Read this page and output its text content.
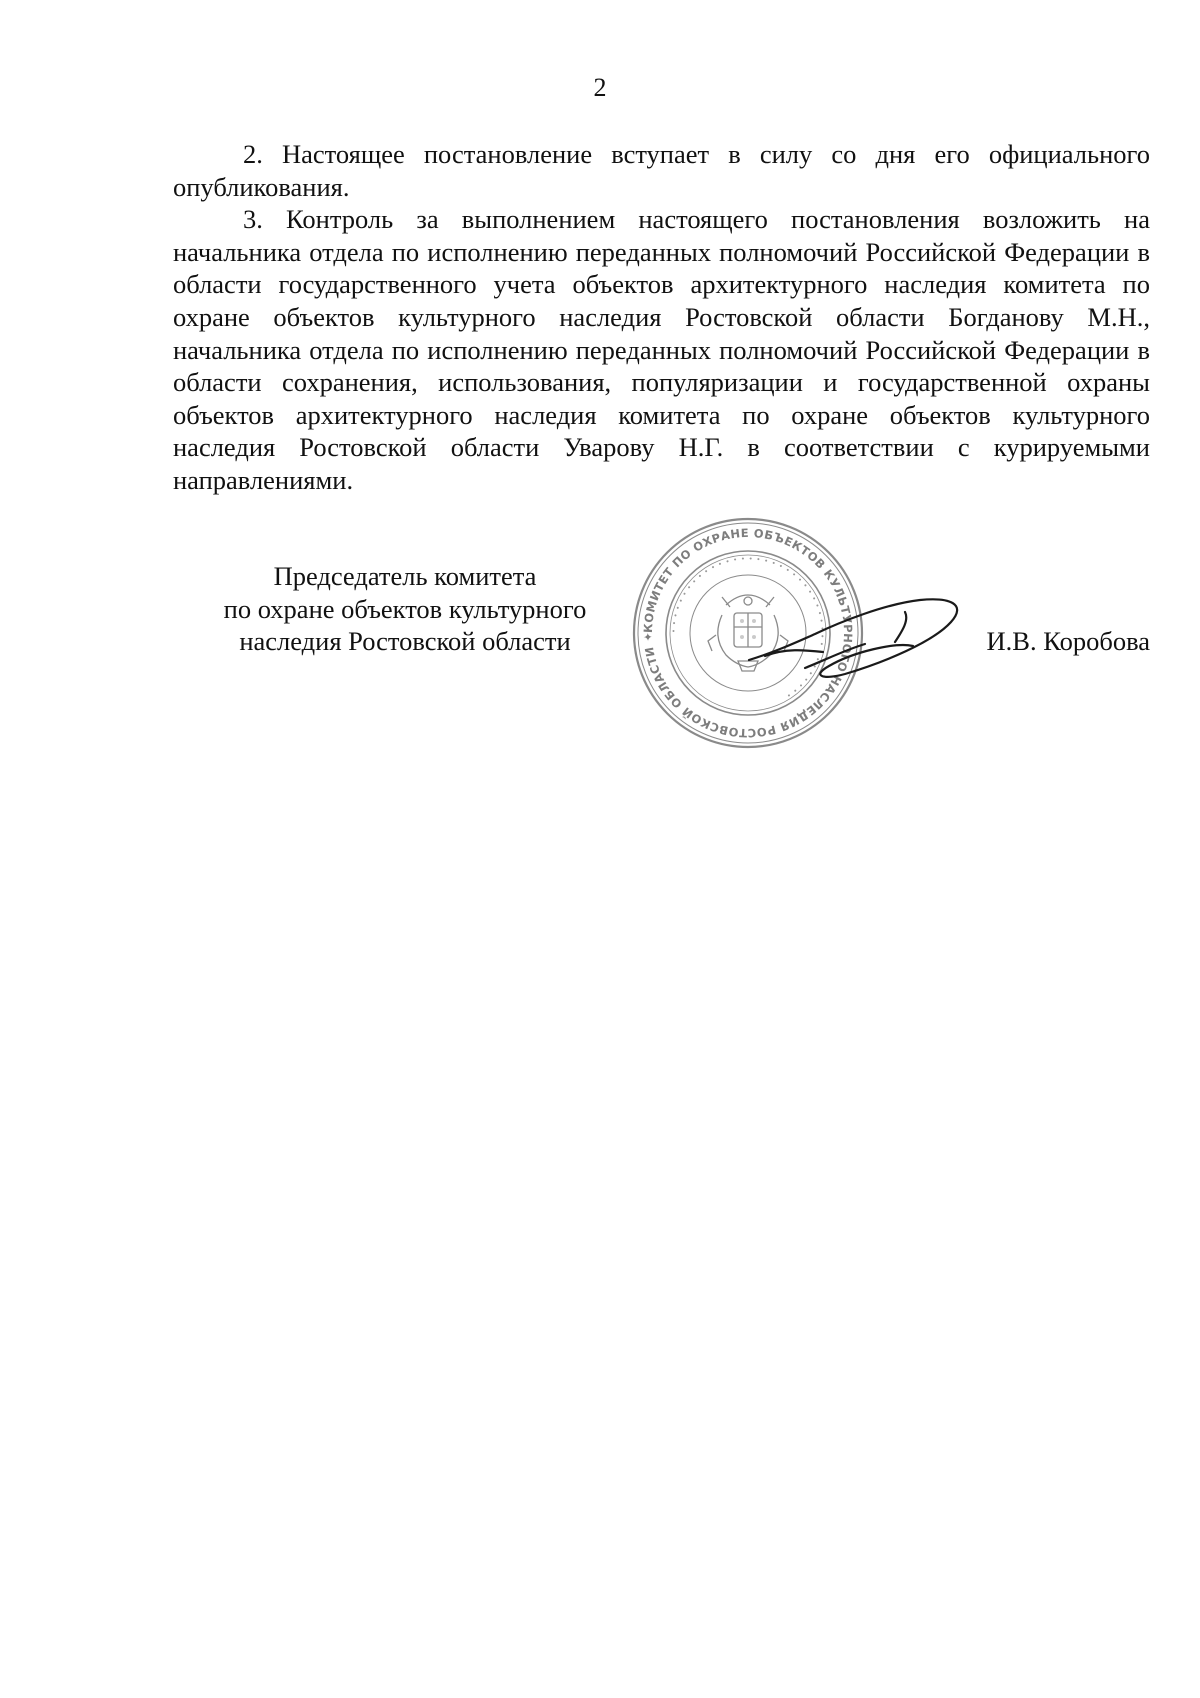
2

2. Настоящее постановление вступает в силу со дня его официального опубликования.

3. Контроль за выполнением настоящего постановления возложить на начальника отдела по исполнению переданных полномочий Российской Федерации в области государственного учета объектов архитектурного наследия комитета по охране объектов культурного наследия Ростовской области Богданову М.Н., начальника отдела по исполнению переданных полномочий Российской Федерации в области сохранения, использования, популяризации и государственной охраны объектов архитектурного наследия комитета по охране объектов культурного наследия Ростовской области Уварову Н.Г. в соответствии с курируемыми направлениями.

Председатель комитета
по охране объектов культурного
наследия Ростовской области	И.В. Коробова
КОМИТЕТ ПО ОХРАНЕ ОБЪЕКТОВ КУЛЬТУРНОГО НАСЛЕДИЯ РОСТОВСКОЙ ОБЛАСТИ ✦
• • • • • • • • • • • • • • • • • • • • • • • • • • • • • • • • • • • • • • • •
